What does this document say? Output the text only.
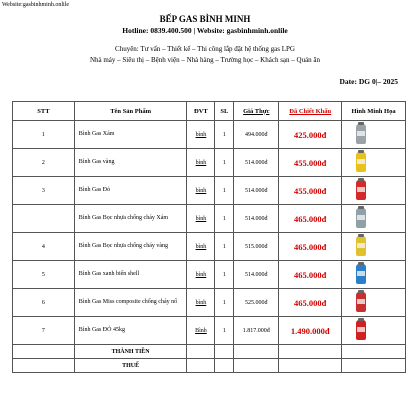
Website:gasbinhminh.onlile
BẾP GAS BÌNH MINH
Hotline: 0839.400.500 | Website: gasbinhminh.onlile
Chuyên: Tư vấn – Thiết kế – Thi công lắp đặt hệ thống gas LPG
Nhà máy – Siêu thị – Bệnh viện – Nhà hàng – Trường học – Khách sạn – Quán ăn
Date: DG 0|– 2025
STT	Tên Sản Phẩm	ĐVT	SL	Giá Thực	Đã Chiết Khấu	Hình Minh Họa
1	Bình Gas Xám	bình	1	494.000đ	425.000đ	

2	Bình Gas vàng	bình	1	514.000đ	455.000đ	

3	Bình Gas Đỏ	bình	1	514.000đ	455.000đ	

	Bình Gas Bọc nhựa chống cháy Xám	bình	1	514.000đ	465.000đ	

4	Bình Gas Bọc nhựa chống cháy vàng	bình	1	515.000đ	465.000đ	

5	Bình Gas xanh biển shell	bình	1	514.000đ	465.000đ	

6	Bình Gas Miss composite chống cháy nổ	bình	1	525.000đ	465.000đ	

7	Bình Gas ĐỎ 45kg	Bình	1	1.817.000đ	1.490.000đ	

	THÀNH TIỀN					
	THUẾ					
